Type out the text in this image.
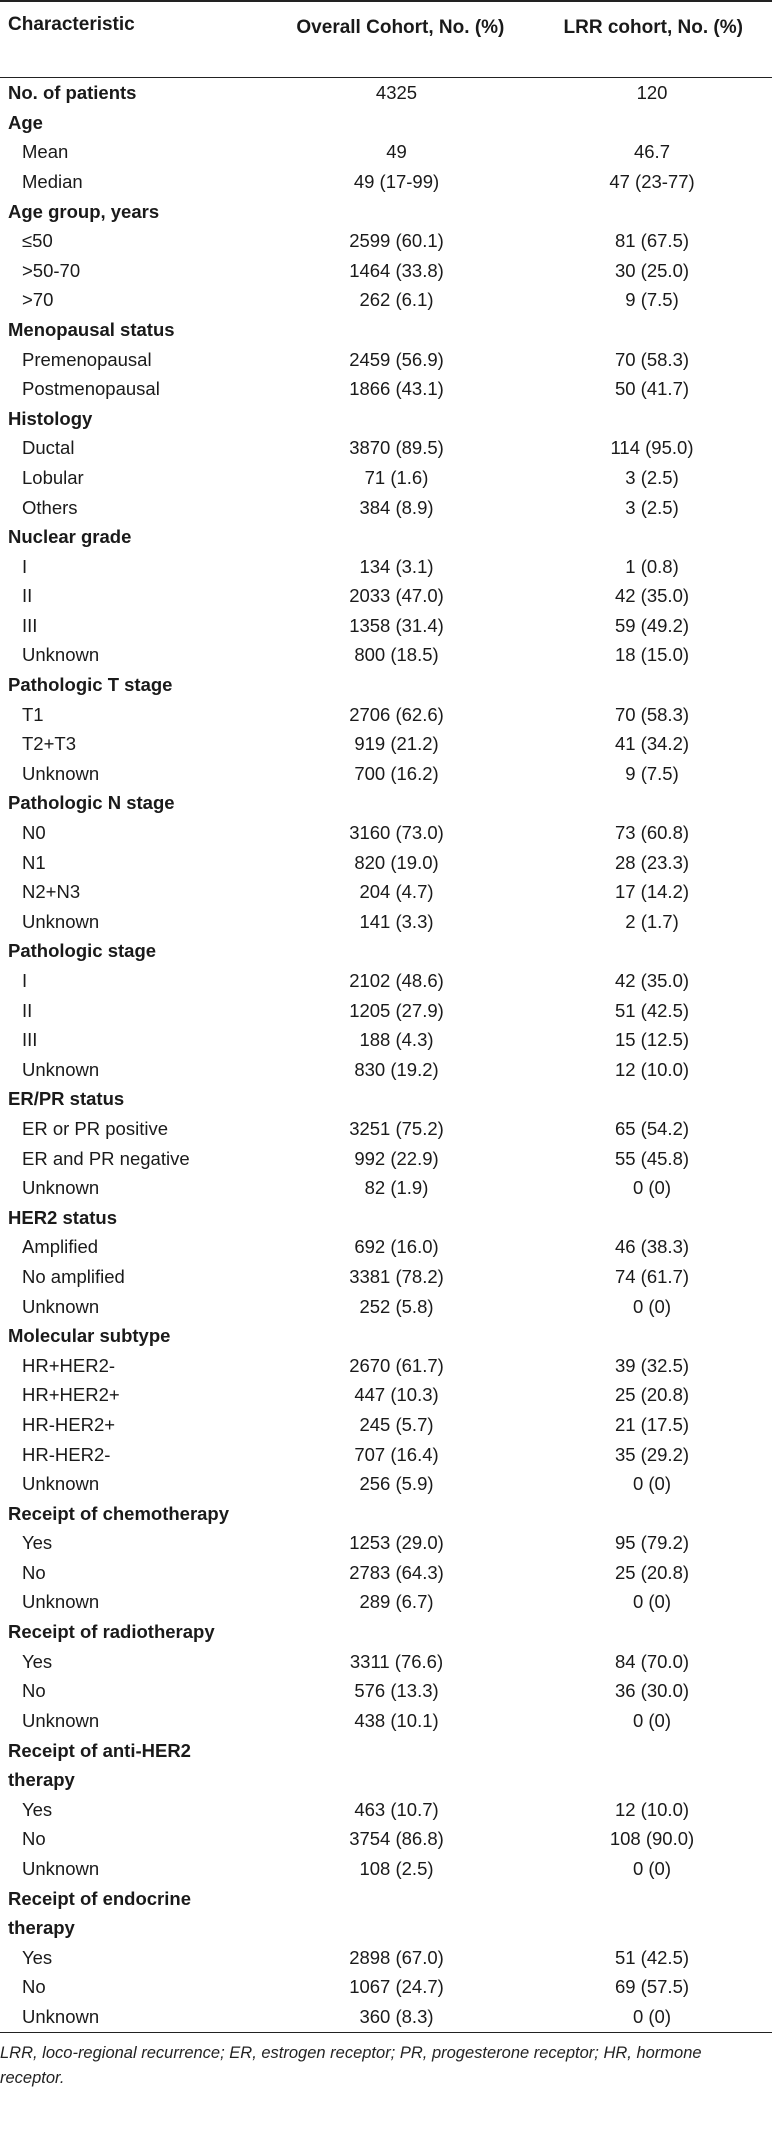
Characteristic	Overall Cohort, No. (%)	LRR cohort, No. (%)
No. of patients	4325	120
Age
Mean	49	46.7
Median	49 (17-99)	47 (23-77)
Age group, years
≤50	2599 (60.1)	81 (67.5)
>50-70	1464 (33.8)	30 (25.0)
>70	262 (6.1)	9 (7.5)
Menopausal status
Premenopausal	2459 (56.9)	70 (58.3)
Postmenopausal	1866 (43.1)	50 (41.7)
Histology
Ductal	3870 (89.5)	114 (95.0)
Lobular	71 (1.6)	3 (2.5)
Others	384 (8.9)	3 (2.5)
Nuclear grade
I	134 (3.1)	1 (0.8)
II	2033 (47.0)	42 (35.0)
III	1358 (31.4)	59 (49.2)
Unknown	800 (18.5)	18 (15.0)
Pathologic T stage
T1	2706 (62.6)	70 (58.3)
T2+T3	919 (21.2)	41 (34.2)
Unknown	700 (16.2)	9 (7.5)
Pathologic N stage
N0	3160 (73.0)	73 (60.8)
N1	820 (19.0)	28 (23.3)
N2+N3	204 (4.7)	17 (14.2)
Unknown	141 (3.3)	2 (1.7)
Pathologic stage
I	2102 (48.6)	42 (35.0)
II	1205 (27.9)	51 (42.5)
III	188 (4.3)	15 (12.5)
Unknown	830 (19.2)	12 (10.0)
ER/PR status
ER or PR positive	3251 (75.2)	65 (54.2)
ER and PR negative	992 (22.9)	55 (45.8)
Unknown	82 (1.9)	0 (0)
HER2 status
Amplified	692 (16.0)	46 (38.3)
No amplified	3381 (78.2)	74 (61.7)
Unknown	252 (5.8)	0 (0)
Molecular subtype
HR+HER2-	2670 (61.7)	39 (32.5)
HR+HER2+	447 (10.3)	25 (20.8)
HR-HER2+	245 (5.7)	21 (17.5)
HR-HER2-	707 (16.4)	35 (29.2)
Unknown	256 (5.9)	0 (0)
Receipt of chemotherapy
Yes	1253 (29.0)	95 (79.2)
No	2783 (64.3)	25 (20.8)
Unknown	289 (6.7)	0 (0)
Receipt of radiotherapy
Yes	3311 (76.6)	84 (70.0)
No	576 (13.3)	36 (30.0)
Unknown	438 (10.1)	0 (0)
Receipt of anti-HER2 therapy
Yes	463 (10.7)	12 (10.0)
No	3754 (86.8)	108 (90.0)
Unknown	108 (2.5)	0 (0)
Receipt of endocrine therapy
Yes	2898 (67.0)	51 (42.5)
No	1067 (24.7)	69 (57.5)
Unknown	360 (8.3)	0 (0)
LRR, loco-regional recurrence; ER, estrogen receptor; PR, progesterone receptor; HR, hormone receptor.
